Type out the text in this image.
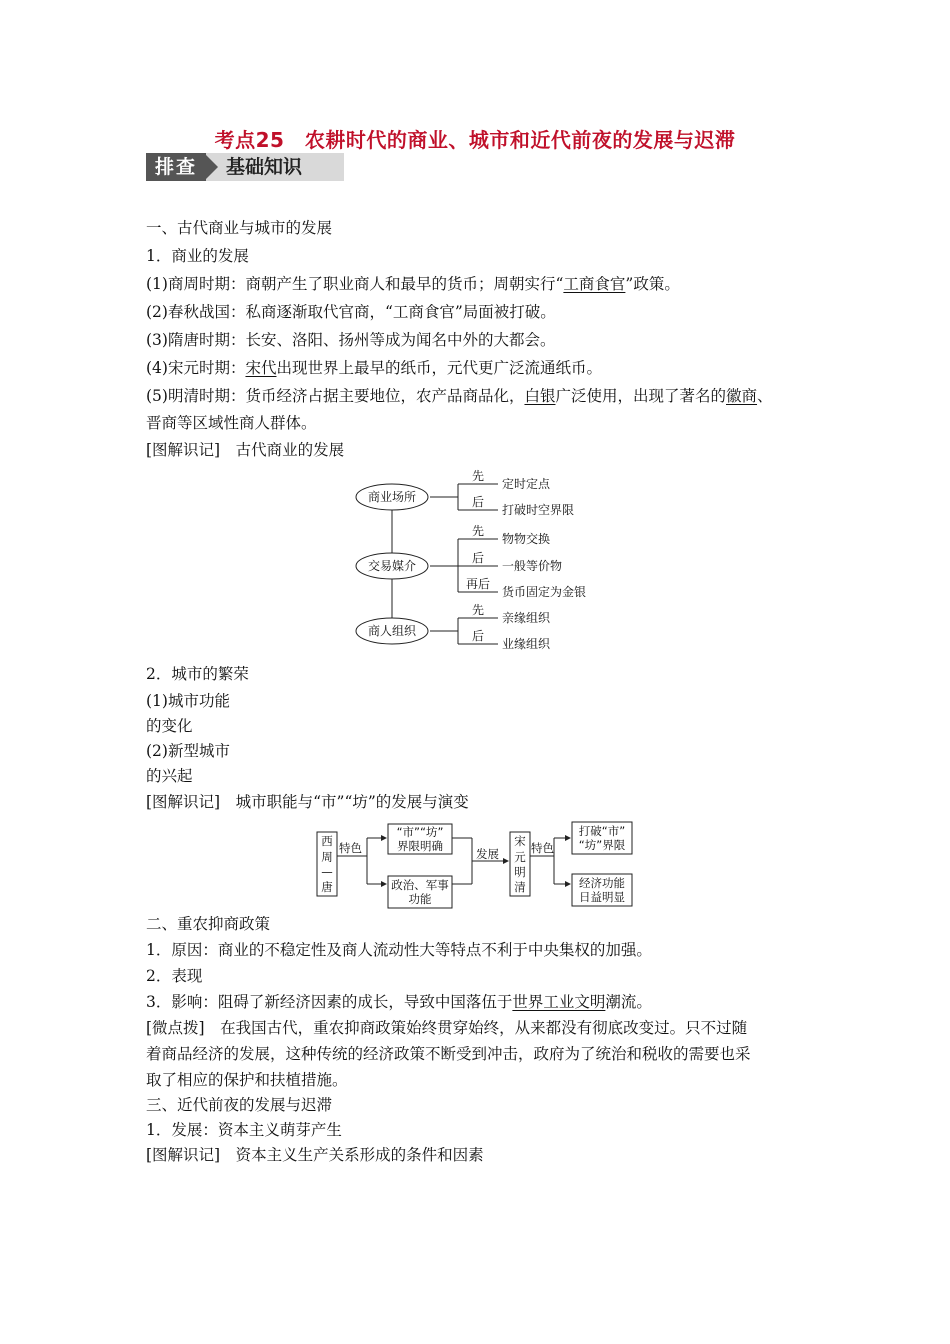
考点25　农耕时代的商业、城市和近代前夜的发展与迟滞
基础知识
排查
一、古代商业与城市的发展
1．商业的发展
(1)商周时期：商朝产生了职业商人和最早的货币；周朝实行“工商食官”政策。
(2)春秋战国：私商逐渐取代官商，“工商食官”局面被打破。
(3)隋唐时期：长安、洛阳、扬州等成为闻名中外的大都会。
(4)宋元时期：宋代出现世界上最早的纸币，元代更广泛流通纸币。
(5)明清时期：货币经济占据主要地位，农产品商品化，白银广泛使用，出现了著名的徽商、
晋商等区域性商人群体。
[图解识记]　古代商业的发展
商业场所
交易媒介
商人组织
先
定时定点
后
打破时空界限
先
物物交换
后
一般等价物
再后
货币固定为金银
先
亲缘组织
后
业缘组织
2．城市的繁荣
(1)城市功能
的变化
(2)新型城市
的兴起
[图解识记]　城市职能与“市”“坊”的发展与演变
西
周
—
唐
特色
“市”“坊”
界限明确
政治、军事
功能
发展
宋
元
明
清
特色
打破“市”
“坊”界限
经济功能
日益明显
二、重农抑商政策
1．原因：商业的不稳定性及商人流动性大等特点不利于中央集权的加强。
2．表现
3．影响：阻碍了新经济因素的成长，导致中国落伍于世界工业文明潮流。
[微点拨]　在我国古代，重农抑商政策始终贯穿始终，从来都没有彻底改变过。只不过随
着商品经济的发展，这种传统的经济政策不断受到冲击，政府为了统治和税收的需要也采
取了相应的保护和扶植措施。
三、近代前夜的发展与迟滞
1．发展：资本主义萌芽产生
[图解识记]　资本主义生产关系形成的条件和因素
